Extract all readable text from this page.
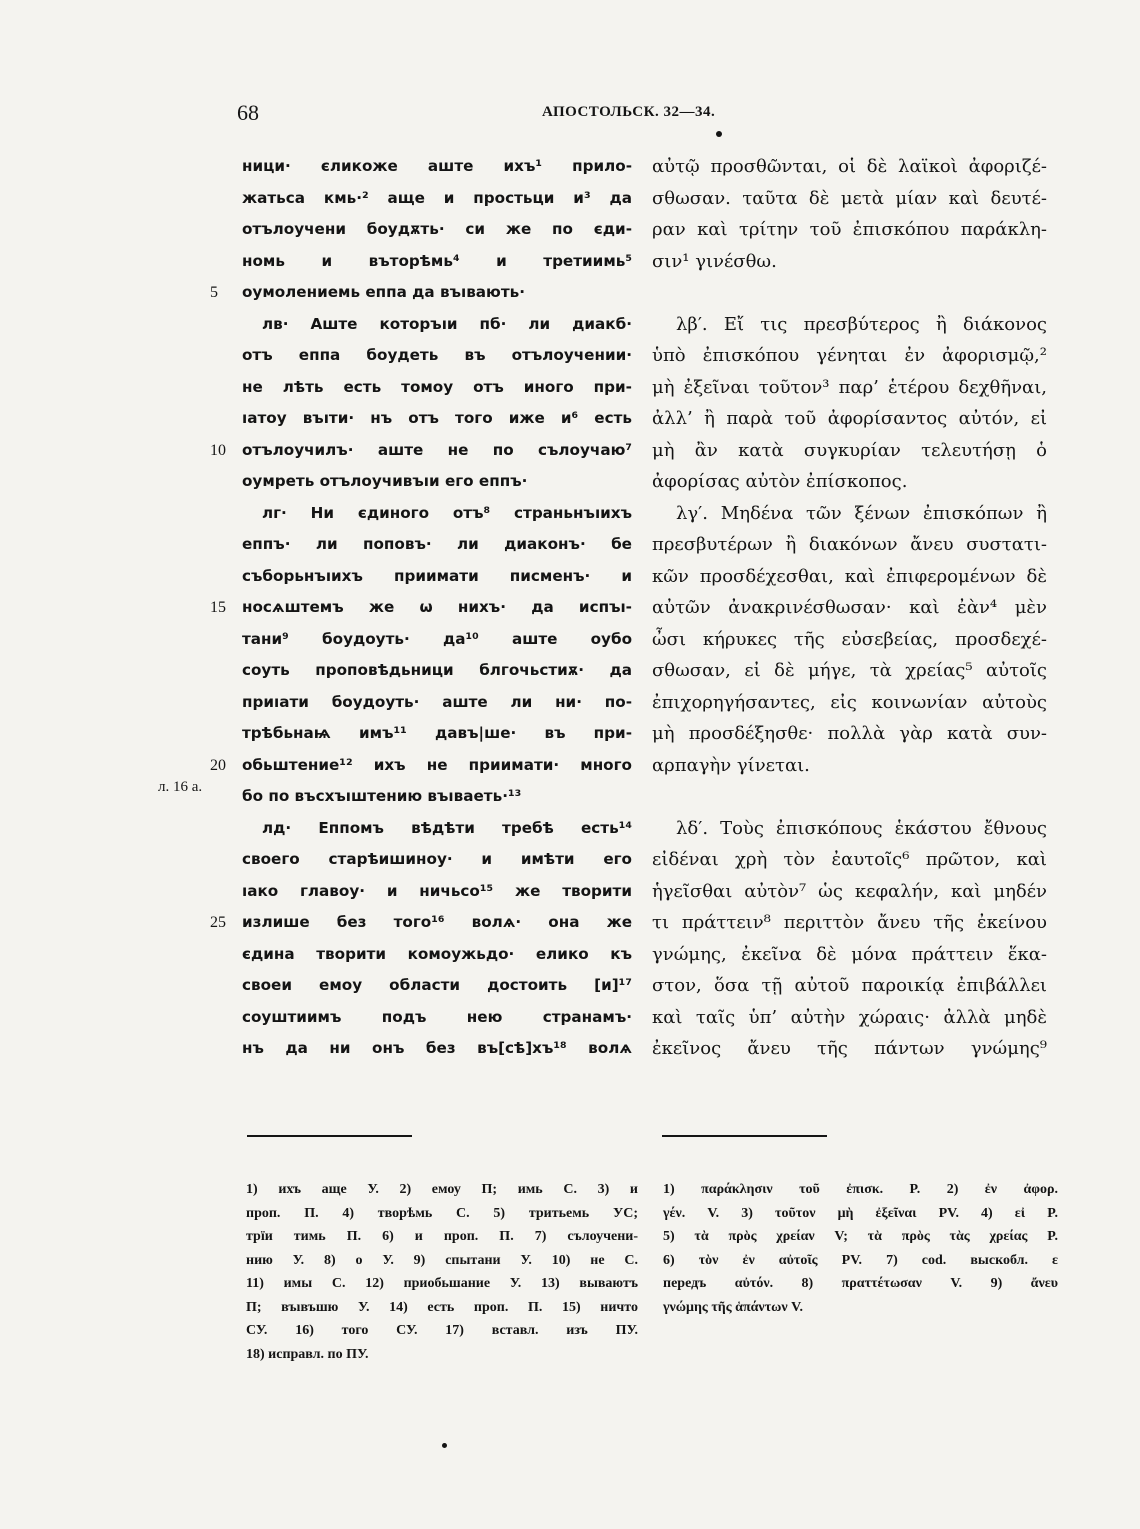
68	АПОСТОЛЬСК. 32—34.
5
10
15
20
25
л. 16 а.
ници· єликоже аште ихъ¹ прило-
жатьса кмь·² аще и простьци и³ да
отълоучени боудѫть· си же по єди-
номь и въторѣмь⁴ и третиимь⁵
оумолениемь еппа да въıвають·
лв· Аште которъıи пб· ли диакб·
отъ еппа боудеть въ отълоучении·
не лѣть есть томоу отъ иного при-
ıатоу въıти· нъ отъ того иже и⁶ есть
отълоучилъ· аште не по сълоучаю⁷
оумреть отълоучивъıи его еппъ·
лг· Ни єдиного отъ⁸ страньнъıихъ
еппъ· ли поповъ· ли диаконъ· бе
съборьнъıихъ приимати писменъ· и
носѧштемъ же ѡ нихъ· да испъı-
тани⁹ боудоуть· да¹⁰ аште оубо
соуть проповѣдьници блгочьстиѫ· да
приıати боудоуть· аште ли ни· по-
трѣбьнаѩ имъ¹¹ давъ|ше· въ при-
обьштение¹² ихъ не приимати· много
бо по въсхъıштению въıваеть·¹³
лд· Еппомъ вѣдѣти требѣ есть¹⁴
своего старѣишиноу· и имѣти его
ıако главоу· и ничьсо¹⁵ же творити
излише без того¹⁶ волѧ· она же
єдина творити комоужьдо· елико къ
своеи емоу области достоить [и]¹⁷
соуштиимъ подъ нею странамъ·
нъ да ни онъ без въ[сѣ]хъ¹⁸ волѧ
αὐτῷ προσθῶνται, οἱ δὲ λαϊκοὶ ἀφοριζέ-
σθωσαν. ταῦτα δὲ μετὰ μίαν καὶ δευτέ-
ραν καὶ τρίτην τοῦ ἐπισκόπου παράκλη-
σιν¹ γινέσθω.
λβ′. Εἴ τις πρεσβύτερος ἢ διάκονος
ὑπὸ ἐπισκόπου γένηται ἐν ἀφορισμῷ,²
μὴ ἐξεῖναι τοῦτον³ παρ’ ἑτέρου δεχθῆναι,
ἀλλ’ ἢ παρὰ τοῦ ἀφορίσαντος αὐτόν, εἰ
μὴ ἂν κατὰ συγκυρίαν τελευτήσῃ ὁ
ἀφορίσας αὐτὸν ἐπίσκοπος.
λγ′. Μηδένα τῶν ξένων ἐπισκόπων ἢ
πρεσβυτέρων ἢ διακόνων ἄνευ συστατι-
κῶν προσδέχεσθαι, καὶ ἐπιφερομένων δὲ
αὐτῶν ἀνακρινέσθωσαν· καὶ ἐὰν⁴ μὲν
ὦσι κήρυκες τῆς εὐσεβείας, προσδεχέ-
σθωσαν, εἰ δὲ μήγε, τὰ χρείας⁵ αὐτοῖς
ἐπιχορηγήσαντες, εἰς κοινωνίαν αὐτοὺς
μὴ προσδέξησθε· πολλὰ γὰρ κατὰ συν-
αρπαγὴν γίνεται.
λδ′. Τοὺς ἐπισκόπους ἑκάστου ἔθνους
εἰδέναι χρὴ τὸν ἐαυτοῖς⁶ πρῶτον, καὶ
ἡγεῖσθαι αὐτὸν⁷ ὡς κεφαλήν, καὶ μηδέν
τι πράττειν⁸ περιττὸν ἄνευ τῆς ἐκείνου
γνώμης, ἐκεῖνα δὲ μόνα πράττειν ἕκα-
στον, ὅσα τῇ αὐτοῦ παροικίᾳ ἐπιβάλλει
καὶ ταῖς ὑπ’ αὐτὴν χώραις· ἀλλὰ μηδὲ
ἐκεῖνος ἄνευ τῆς πάντων γνώμης⁹
1) ихъ аще У. 2) емоу П; имь С. 3) и
проп. П. 4) творѣмь С. 5) тритьемь УС;
трїи тимь П. 6) и проп. П. 7) сълоучени-
нию У. 8) о У. 9) спытани У. 10) не С.
11) имы С. 12) приобьшание У. 13) вываютъ
П; въıвъшю У. 14) есть проп. П. 15) ничто
СУ. 16) того СУ. 17) вставл. изъ ПУ.
18) исправл. по ПУ.
1) παράκλησιν τοῦ ἐπισκ. P. 2) ἐν ἀφορ.
γέν. V. 3) τοῦτον μὴ ἐξεῖναι PV. 4) εἰ P.
5) τὰ πρὸς χρείαν V; τὰ πρὸς τὰς χρείας P.
6) τὸν ἐν αὐτοῖς PV. 7) cod. выскобл. ε
передъ αὐτόν. 8) πραττέτωσαν V. 9) ἄνευ
γνώμης τῆς ἁπάντων V.
